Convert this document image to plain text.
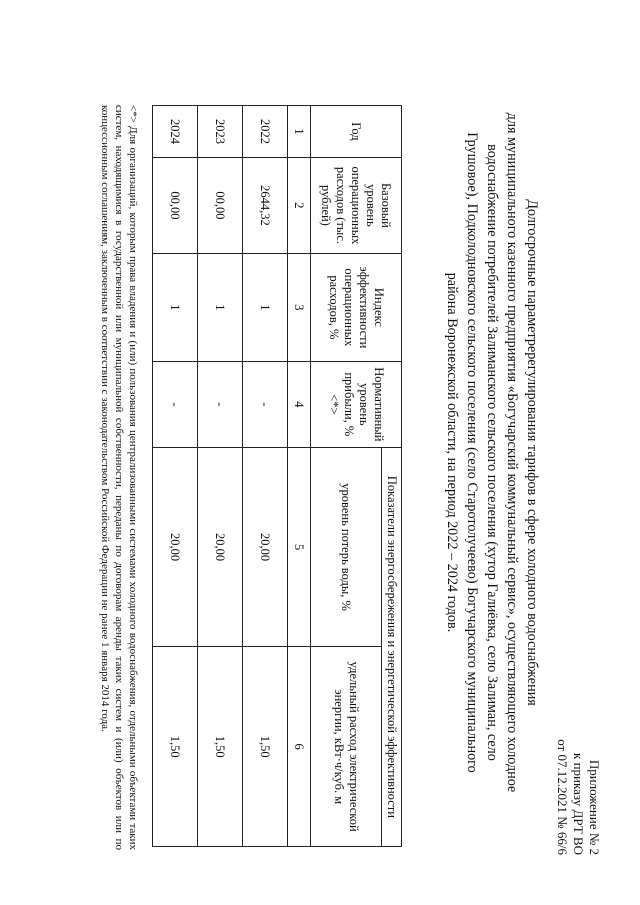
Приложение № 2
к приказу ДРТ ВО
от 07.12.2021 № 66/6
Долгосрочные параметререгулирования тарифов в сфере холодного водоснабжения
для муниципального казенного предприятия «Богучарский коммунальный сервис», осуществляющего холодное
водоснабжение потребителей Залиманского сельского поселения (хутор Галиёвка, село Залиман, село
Грушовое), Подколодновского сельского поселения (село Старотолучеево) Богучарского муниципального
района Воронежской области, на период 2022 – 2024 годов.
Год	Базовый уровень операционных расходов (тыс. рублей)	Индекс эффективности операционных расходов, %	Нормативный уровень прибыли, % <*>	Показатели энергосбережения и энергетической эффективности	
				уровень потерь воды, %	удельный расход электрической энергии, кВт·ч/куб. м
1	2	3	4	5	6
2022	2644,32	1	-	20,00	1,50
2023	00,00	1	-	20,00	1,50
2024	00,00	1	-	20,00	1,50
<*> Для организаций, которым права владения и (или) пользования централизованными системами холодного водоснабжения, отдельными объектами таких систем, находящимися в государственной или муниципальной собственности, переданы по договорам аренды таких систем и (или) объектов или по концессионным соглашениям, заключенным в соответствии с законодательством Российской Федерации не ранее 1 января 2014 года.
